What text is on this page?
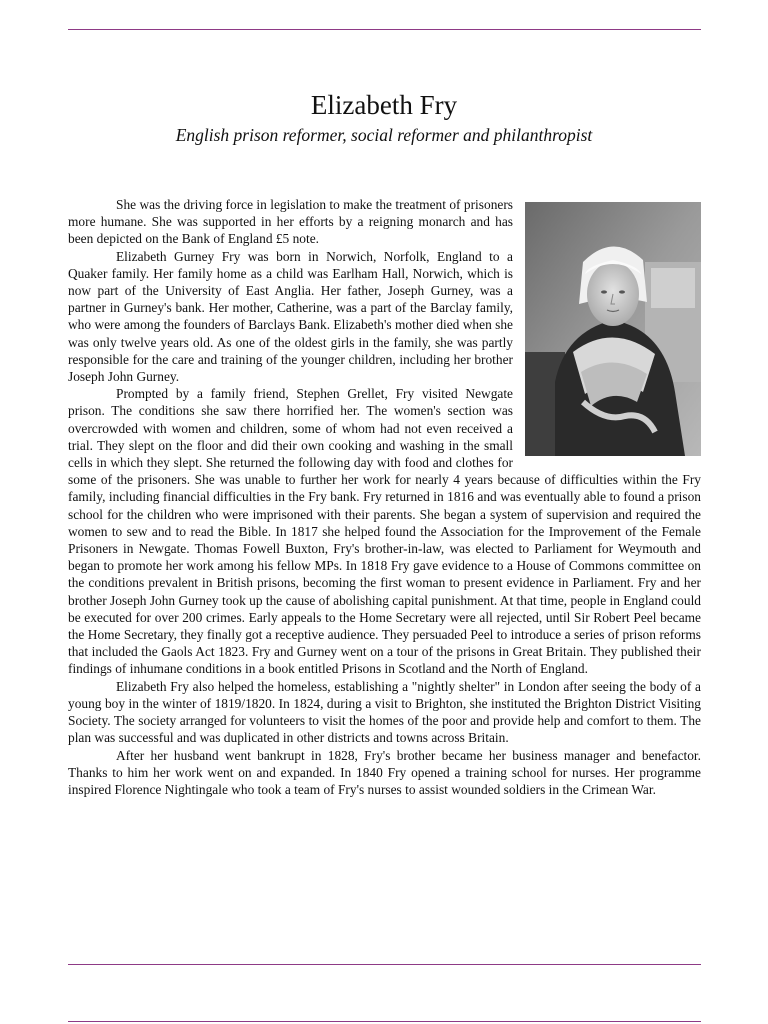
Elizabeth Fry
English prison reformer, social reformer and philanthropist

She was the driving force in legislation to make the treatment of prisoners more humane. She was supported in her efforts by a reigning monarch and has been depicted on the Bank of England £5 note.

Elizabeth Gurney Fry was born in Norwich, Norfolk, England to a Quaker family. Her family home as a child was Earlham Hall, Norwich, which is now part of the University of East Anglia. Her father, Joseph Gurney, was a partner in Gurney's bank. Her mother, Catherine, was a part of the Barclay family, who were among the founders of Barclays Bank. Elizabeth's mother died when she was only twelve years old. As one of the oldest girls in the family, she was partly responsible for the care and training of the younger children, including her brother Joseph John Gurney.

Prompted by a family friend, Stephen Grellet, Fry visited Newgate prison. The conditions she saw there horrified her. The women's section was overcrowded with women and children, some of whom had not even received a trial. They slept on the floor and did their own cooking and washing in the small cells in which they slept. She returned the following day with food and clothes for some of the prisoners. She was unable to further her work for nearly 4 years because of difficulties within the Fry family, including financial difficulties in the Fry bank. Fry returned in 1816 and was eventually able to found a prison school for the children who were imprisoned with their parents. She began a system of supervision and required the women to sew and to read the Bible. In 1817 she helped found the Association for the Improvement of the Female Prisoners in Newgate. Thomas Fowell Buxton, Fry's brother-in-law, was elected to Parliament for Weymouth and began to promote her work among his fellow MPs. In 1818 Fry gave evidence to a House of Commons committee on the conditions prevalent in British prisons, becoming the first woman to present evidence in Parliament. Fry and her brother Joseph John Gurney took up the cause of abolishing capital punishment. At that time, people in England could be executed for over 200 crimes. Early appeals to the Home Secretary were all rejected, until Sir Robert Peel became the Home Secretary, they finally got a receptive audience. They persuaded Peel to introduce a series of prison reforms that included the Gaols Act 1823. Fry and Gurney went on a tour of the prisons in Great Britain. They published their findings of inhumane conditions in a book entitled Prisons in Scotland and the North of England.

Elizabeth Fry also helped the homeless, establishing a "nightly shelter" in London after seeing the body of a young boy in the winter of 1819/1820. In 1824, during a visit to Brighton, she instituted the Brighton District Visiting Society. The society arranged for volunteers to visit the homes of the poor and provide help and comfort to them. The plan was successful and was duplicated in other districts and towns across Britain.

After her husband went bankrupt in 1828, Fry's brother became her business manager and benefactor. Thanks to him her work went on and expanded. In 1840 Fry opened a training school for nurses. Her programme inspired Florence Nightingale who took a team of Fry's nurses to assist wounded soldiers in the Crimean War.
